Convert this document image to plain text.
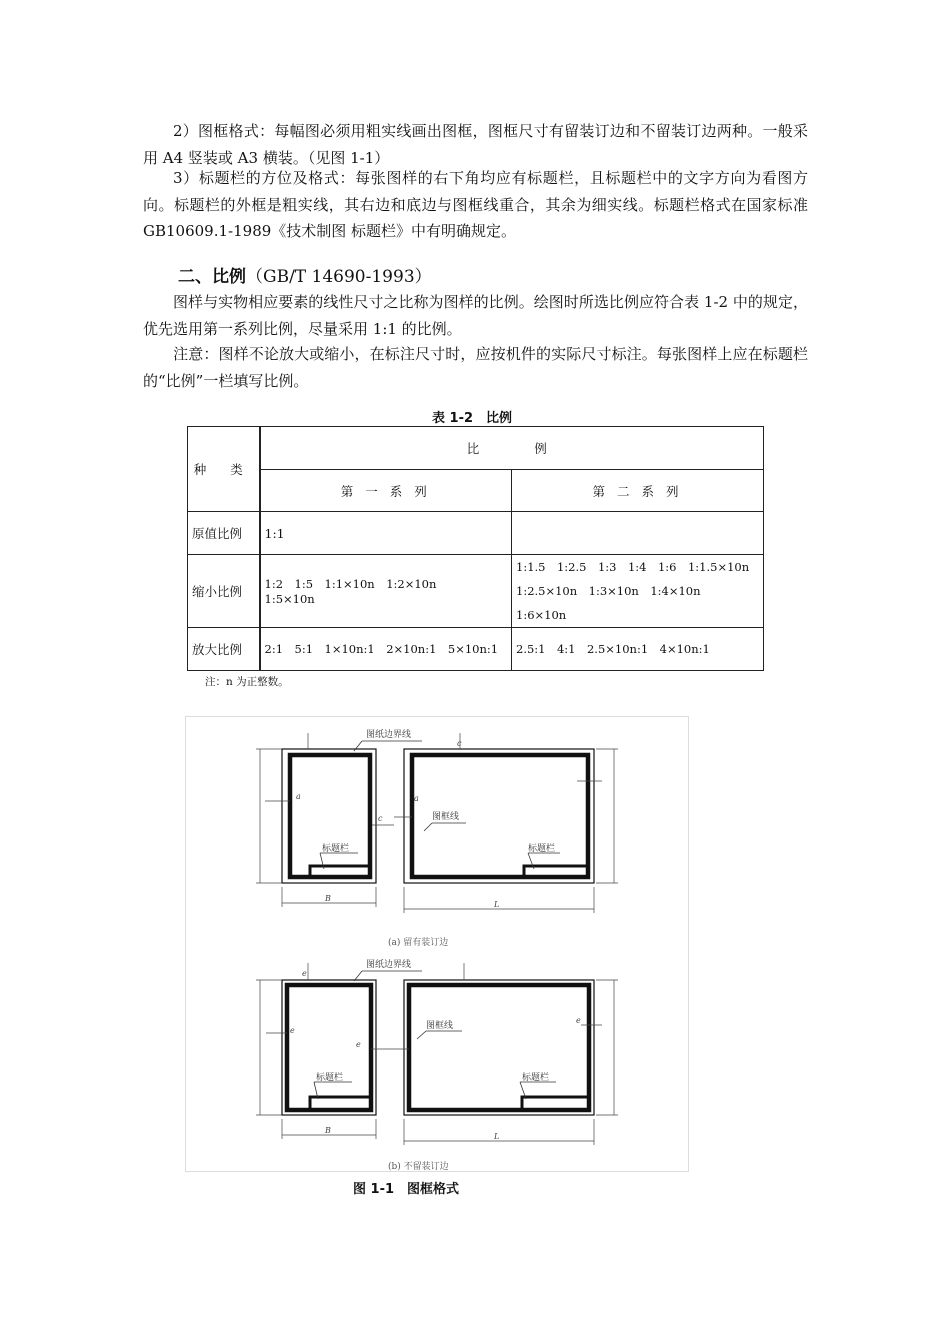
2）图框格式：每幅图必须用粗实线画出图框，图框尺寸有留装订边和不留装订边两种。一般采用 A4 竖装或 A3 横装。（见图 1-1）

3）标题栏的方位及格式：每张图样的右下角均应有标题栏，且标题栏中的文字方向为看图方向。标题栏的外框是粗实线，其右边和底边与图框线重合，其余为细实线。标题栏格式在国家标准 GB10609.1-1989《技术制图 标题栏》中有明确规定。

二、比例（GB/T 14690-1993）

图样与实物相应要素的线性尺寸之比称为图样的比例。绘图时所选比例应符合表 1-2 中的规定，优先选用第一系列比例，尽量采用 1:1 的比例。

注意：图样不论放大或缩小，在标注尺寸时，应按机件的实际尺寸标注。每张图样上应在标题栏的“比例”一栏填写比例。

表 1-2　比例
种 类	比　　例	
	第 一 系 列	第 二 系 列
原值比例	1:1	
缩小比例	1:2　1:5　1:1×10n　1:2×10n　　1:5×10n	1:1.5　1:2.5　1:3　1:4　1:6　1:1.5×10n
1:2.5×10n　1:3×10n　1:4×10n　1:6×10n

放大比例	2:1　5:1　1×10n:1　2×10n:1　5×10n:1	2.5:1　4:1　2.5×10n:1　4×10n:1
注：n 为正整数。
图纸边界线
图框线
标题栏	标题栏
图纸边界线
图框线
标题栏	标题栏
B
L
B
L
a	a
c
c
e
e
e
e
(a) 留有装订边
(b) 不留装订边
图 1-1　图框格式
